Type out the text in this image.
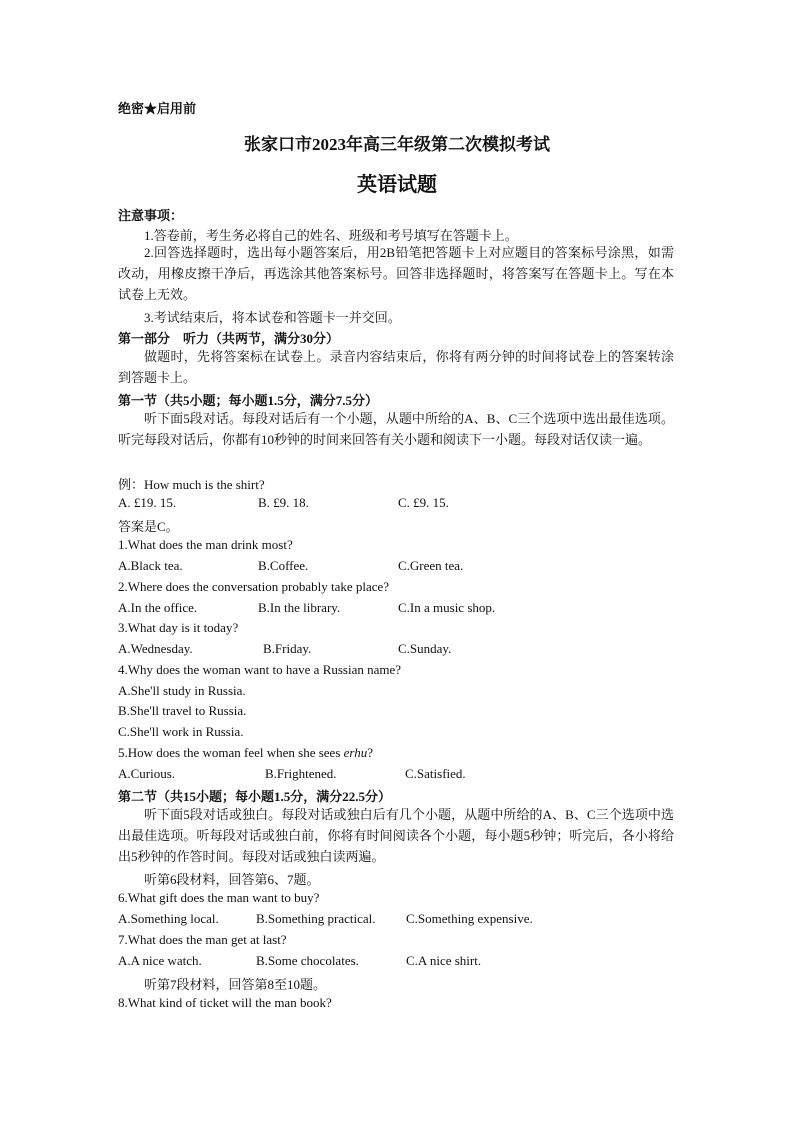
绝密★启用前
张家口市2023年高三年级第二次模拟考试
英语试题
注意事项：
1.答卷前，考生务必将自己的姓名、班级和考号填写在答题卡上。

2.回答选择题时，选出每小题答案后，用2B铅笔把答题卡上对应题目的答案标号涂黑，如需改动，用橡皮擦干净后，再选涂其他答案标号。回答非选择题时，将答案写在答题卡上。写在本试卷上无效。

3.考试结束后，将本试卷和答题卡一并交回。
第一部分　听力（共两节，满分30分）

做题时，先将答案标在试卷上。录音内容结束后，你将有两分钟的时间将试卷上的答案转涂到答题卡上。

第一节（共5小题；每小题1.5分，满分7.5分）

听下面5段对话。每段对话后有一个小题，从题中所给的A、B、C三个选项中选出最佳选项。听完每段对话后，你都有10秒钟的时间来回答有关小题和阅读下一小题。每段对话仅读一遍。

例：How much is the shirt?
A. £19. 15.	B. £9. 18.	C. £9. 15.
答案是C。
1.What does the man drink most?
A.Black tea.	B.Coffee.	C.Green tea.
2.Where does the conversation probably take place?
A.In the office.	B.In the library.	C.In a music shop.
3.What day is it today?
A.Wednesday.	B.Friday.	C.Sunday.
4.Why does the woman want to have a Russian name?
A.She'll study in Russia.
B.She'll travel to Russia.
C.She'll work in Russia.
5.How does the woman feel when she sees erhu?
A.Curious.	B.Frightened.	C.Satisfied.
第二节（共15小题；每小题1.5分，满分22.5分）

听下面5段对话或独白。每段对话或独白后有几个小题，从题中所给的A、B、C三个选项中选出最佳选项。听每段对话或独白前，你将有时间阅读各个小题，每小题5秒钟；听完后，各小将给出5秒钟的作答时间。每段对话或独白读两遍。

听第6段材料，回答第6、7题。
6.What gift does the man want to buy?
A.Something local.	B.Something practical. C.Something expensive.
7.What does the man get at last?
A.A nice watch.	B.Some chocolates.	C.A nice shirt.
听第7段材料，回答第8至10题。
8.What kind of ticket will the man book?
